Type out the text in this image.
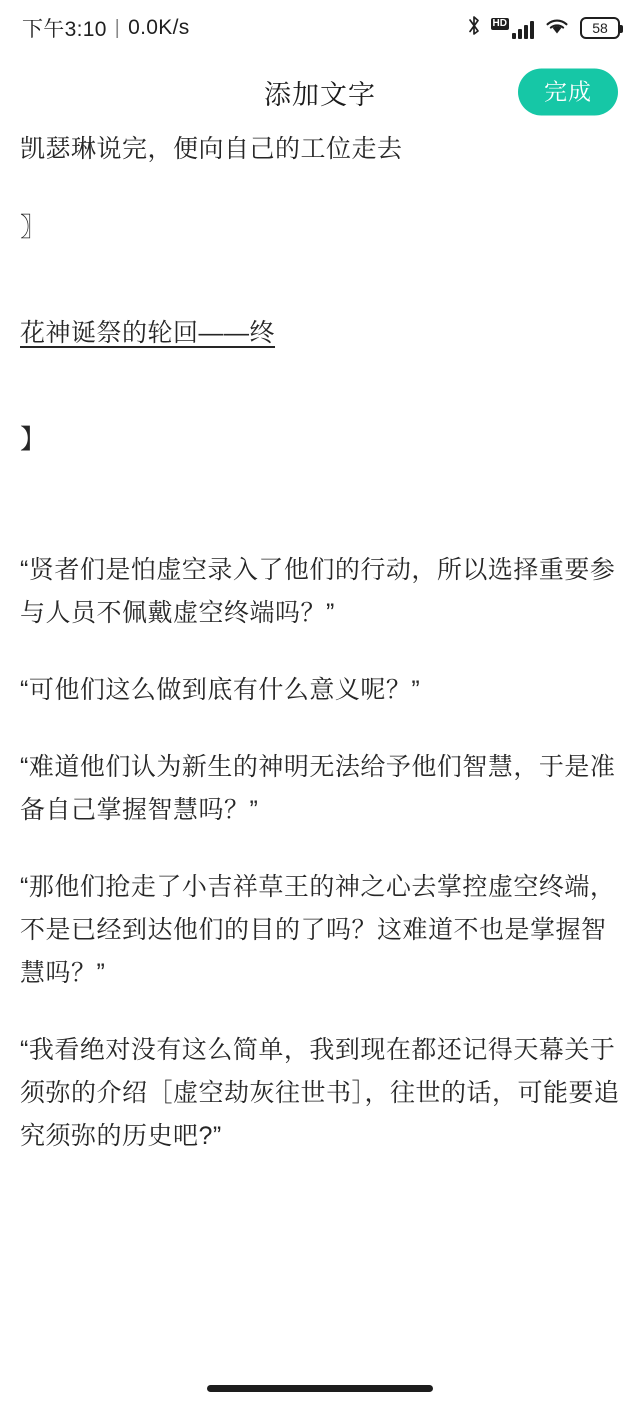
下午3:10 | 0.0K/s	HD	58
添加文字	完成

凯瑟琳说完，便向自己的工位走去

〗

花神诞祭的轮回——终

】

“贤者们是怕虚空录入了他们的行动，所以选择重要参与人员不佩戴虚空终端吗？”

“可他们这么做到底有什么意义呢？”

“难道他们认为新生的神明无法给予他们智慧，于是准备自己掌握智慧吗？”

“那他们抢走了小吉祥草王的神之心去掌控虚空终端，不是已经到达他们的目的了吗？这难道不也是掌握智慧吗？”

“我看绝对没有这么简单，我到现在都还记得天幕关于须弥的介绍［虚空劫灰往世书］，往世的话，可能要追究须弥的历史吧?”
